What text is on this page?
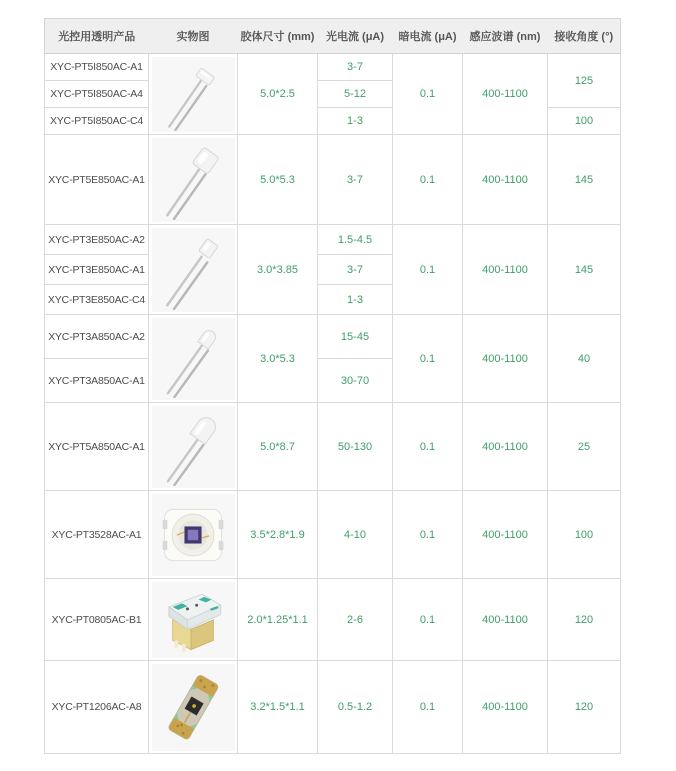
光控用透明产品	实物图	胶体尺寸 (mm)	光电流 (μA)	暗电流 (μA)	感应波谱 (nm)	接收角度 (°)
XYC-PT5I850AC-A1		5.0*2.5	3-7	0.1	400-1100	125
XYC-PT5I850AC-A4			5-12			
XYC-PT5I850AC-C4			1-3			100
XYC-PT5E850AC-A1		5.0*5.3	3-7	0.1	400-1100	145
XYC-PT3E850AC-A2		3.0*3.85	1.5-4.5	0.1	400-1100	145
XYC-PT3E850AC-A1			3-7			
XYC-PT3E850AC-C4			1-3			
XYC-PT3A850AC-A2		3.0*5.3	15-45	0.1	400-1100	40
XYC-PT3A850AC-A1			30-70			
XYC-PT5A850AC-A1		5.0*8.7	50-130	0.1	400-1100	25
XYC-PT3528AC-A1		3.5*2.8*1.9	4-10	0.1	400-1100	100
XYC-PT0805AC-B1		2.0*1.25*1.1	2-6	0.1	400-1100	120
XYC-PT1206AC-A8		3.2*1.5*1.1	0.5-1.2	0.1	400-1100	120
